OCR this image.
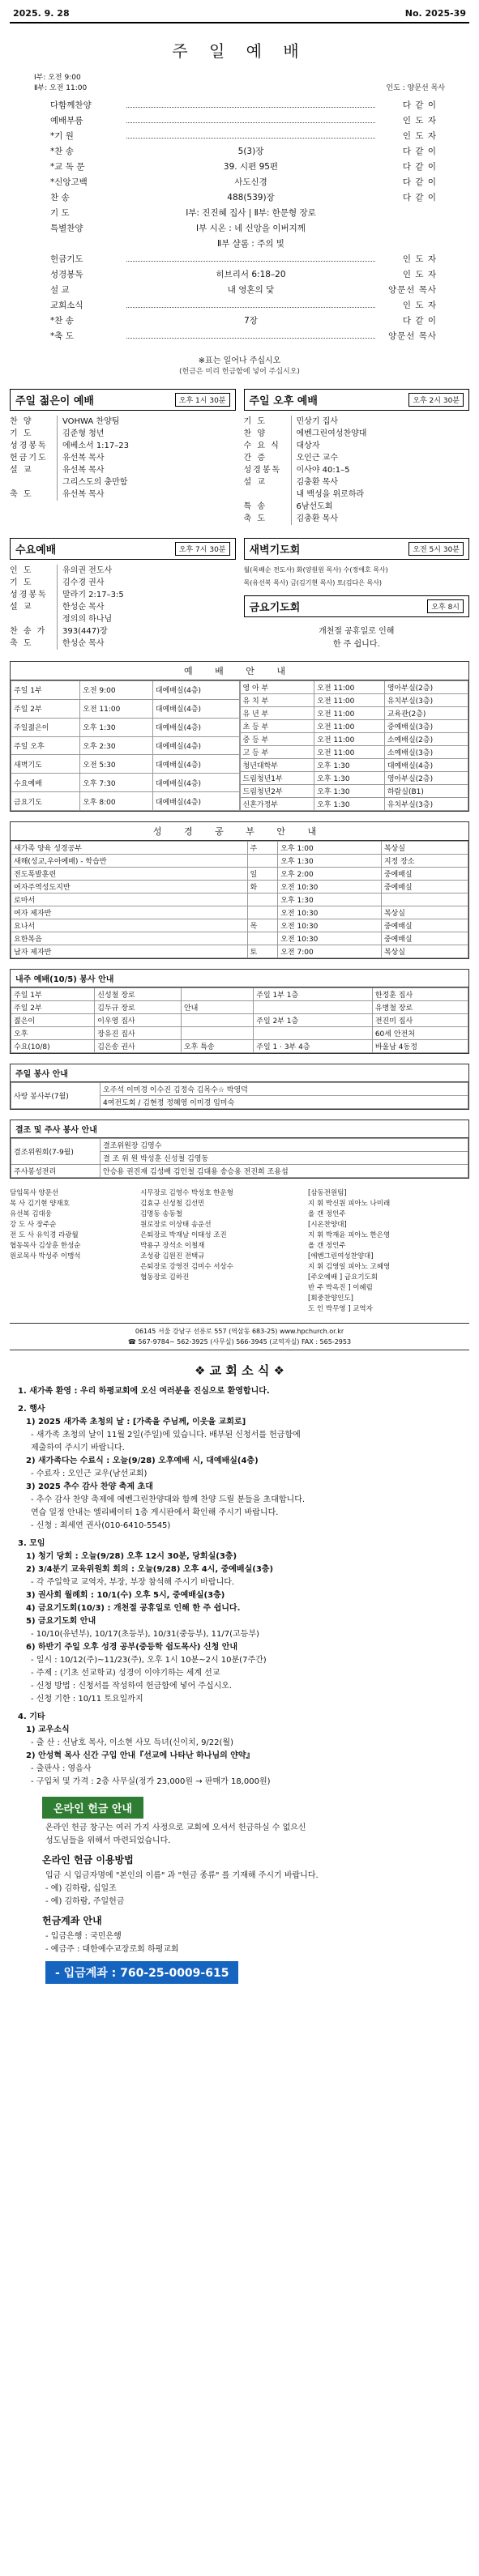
2025. 9. 28	No. 2025-39
주 일 예 배
Ⅰ부: 오전 9:00
Ⅱ부: 오전 11:00	인도 : 양문선 목사
다함께찬양	다 같 이
예배부름	인 도 자
*기 원	인 도 자
*찬 송	5(3)장	다 같 이
*교 독 문	39. 시편 95편	다 같 이
*신앙고백	사도신경	다 같 이
찬 송	488(539)장	다 같 이
기 도	Ⅰ부: 진진혜 집사 | Ⅱ부: 한문형 장로
특별찬양	Ⅰ부 시온 : 네 신앙을 이버지께
Ⅱ부 샬롬 : 주의 빛
헌금기도	인 도 자
성경봉독	히브리서 6:18–20	인 도 자
설 교	내 영혼의 닻	양문선 목사
교회소식	인 도 자
*찬 송	7장	다 같 이
*축 도	양문선 목사
※표는 일어나 주십시오
(헌금은 미리 헌금함에 넣어 주십시오)
주일 젊은이 예배	오후 1시 30분
찬 양	VOHWA 찬양팀
기 도	김준형 청년
성경봉독	에베소서 1:17–23
헌금기도	유선복 목사
설 교	유선복 목사
그리스도의 충만함
축 도	유선복 목사
주일 오후 예배	오후 2시 30분
기 도	민상기 집사
찬 양	에벤그린여성찬양대
수 요 식	대상자
간 증	오인근 교수
성경봉독	이사야 40:1–5
설 교	김충환 목사
내 백성을 위로하라
특 송	6남선도회
축 도	김충환 목사
수요예배	오후 7시 30분
인 도	유의권 전도사
기 도	김수경 권사
성경봉독	말라기 2:17–3:5
설 교	한성순 목사
정의의 하나님
찬 송 가	393(447)장
축 도	한성순 목사
새벽기도회	오전 5시 30분
월(목배순 전도사) 화(양원원 목사) 수(정애호 목사)
목(유선복 목사) 금(김기현 목사) 토(김다은 목사)
금요기도회	오후 8시
개천절 공휴일로 인해
한 주 쉽니다.
예 배 안 내
주일 1부	오전 9:00	대예배실(4층)
주일 2부	오전 11:00	대예배실(4층)
주일젊은이	오후 1:30	대예배실(4층)
주일 오후	오후 2:30	대예배실(4층)
새벽기도	오전 5:30	대예배실(4층)
수요예배	오후 7:30	대예배실(4층)
금요기도	오후 8:00	대예배실(4층)
영 아 부	오전 11:00	영아부실(2층)
유 치 부	오전 11:00	유치부실(3층)
유 년 부	오전 11:00	교육관(2층)
초 등 부	오전 11:00	중예배실(3층)
중 등 부	오전 11:00	소예배실(2층)
고 등 부	오전 11:00	소예배실(3층)
청년대학부	오후 1:30	대예배실(4층)
드림청년1부	오후 1:30	영아부실(2층)
드림청년2부	오후 1:30	하람실(B1)
신혼가정부	오후 1:30	유치부실(3층)
성 경 공 부 안 내
새가족 양육 성경공부	주	오후 1:00	복상실
새해(성교,우아예배) - 학습반		오후 1:30	지정 장소
전도폭발훈련	일	오후 2:00	중예배실
여자주역성도지반	화	오전 10:30	중예배실
로마서		오후 1:30	
여자 제자반		오전 10:30	복상실
요나서	목	오전 10:30	중예배실
요한복음		오전 10:30	중예배실
남자 제자반	토	오전 7:00	복상실
내주 예배(10/5) 봉사 안내
주일 1부	신성철 장로		주일 1부 1층	한정훈 집사
주일 2부	김두규 장로	안내		유병철 장로
젊은이	이우영 집사		주일 2부 1층	전진미 집사
오후	장유진 집사			60세 안전처
수요(10/8)	김은송 권사	오후 특송	주일 1 · 3부 4층	바울남 4동정
주일 봉사 안내
사랑 봉사부(7월)	오주석 이미경 이수진 김정숙 김목수☆ 박영덕
4여전도회 / 김현정 정혜영 이미경 임미숙
결조 및 주사 봉사 안내
결조위원회(7-9월)	결조위원장 김영수
	결 조 위 원 박성훈 신성철 김영동
주사봉성전리	안승용 권진재 김성배 김인철 김대용 송승용 전진희 조용섭
담임목사 양문선
목 사 김기현 양재호
유선복 김대웅
강 도 사 장주순
전 도 사 유익경 라광월
협동목사 김상훈 한성순
원로목사 박성주 이맹석
시무장로 김영수 박성호 한운형
김효규 신성철 김선민
김명동 송동철
원로장로 이상태 송운선
은퇴장로 박재남 이태성 조진
박용구 장석소 이철재
조성광 김원진 전택규
은퇴장로 강영진 김미수 서상수
협동장로 김하진
[삼동전원팀]
지 휘 박신원 피아노 나미래
올 갠 정인주
[시온찬양대]
지 휘 박재윤 피아노 한은영
올 갠 정인주
[에벤그린여성찬양대]
지 휘 김영일 피아노 고혜영
[주오예배 ] 금요기도회
반 주 박옥진 ] 이혜림
[회중찬양인도]
도 인 박무영 ] 교역자
06145 서울 강남구 선릉로 557 (역삼동 683-25) www.hpchurch.or.kr
☎ 567-9784~ 562-3925 (사무실) 566-3945 (교역자실) FAX : 565-2953
❖ 교 회 소 식 ❖
1. 새가족 환영 : 우리 하평교회에 오신 여러분을 진심으로 환영합니다.
2. 행사
1) 2025 새가족 초청의 날 : [가족을 주님께, 이웃을 교회로]
- 새가족 초청의 날이 11월 2일(주일)에 있습니다. 배부된 신청서를 헌금함에
제출하여 주시기 바랍니다.
2) 새가족다는 수료식 : 오늘(9/28) 오후예배 시, 대예배실(4층)
- 수료자 : 오인근 교우(남선교회)
3) 2025 추수 감사 찬양 축제 초대
- 추수 감사 찬양 축제에 에벤그린찬양대와 함께 찬양 드릴 분들을 초대합니다.
연습 일정 안내는 엘리베이터 1층 게시판에서 확인해 주시기 바랍니다.
- 신청 : 최세연 권사(010-6410-5545)
3. 모임
1) 청기 당회 : 오늘(9/28) 오후 12시 30분, 당회실(3층)
2) 3/4분기 교육위원회 회의 : 오늘(9/28) 오후 4시, 중예배실(3층)
- 각 주일학교 교역자, 부장, 부장 참석해 주시기 바랍니다.
3) 권사회 월례회 : 10/1(수) 오후 5시, 중예배실(3층)
4) 금요기도회(10/3) : 개천절 공휴일로 인해 한 주 쉽니다.
5) 금요기도회 안내
- 10/10(유년부), 10/17(초등부), 10/31(중등부), 11/7(고등부)
6) 하반기 주일 오후 성경 공부(중등학 쉼도목사) 신청 안내
- 일시 : 10/12(주)~11/23(주), 오후 1시 10분~2시 10분(7주간)
- 주제 : (기초 선교학교) 성경이 이야기하는 세계 선교
- 신청 방법 : 신청서를 작성하여 헌금함에 넣어 주십시오.
- 신청 기한 : 10/11 토요일까지
4. 기타
1) 교우소식
- 출 산 : 신남호 목사, 이소현 사모 득녀(신이치, 9/22(월)
2) 안성혁 목사 신간 구입 안내『선교에 나타난 하나님의 얀약』
- 출판사 : 영음사
- 구입처 및 가격 : 2층 사무실(정가 23,000원 → 판매가 18,000원)
온라인 헌금 안내
온라인 헌금 창구는 여러 가지 사정으로 교회에 오셔서 헌금하실 수 없으신
성도님들을 위해서 마련되었습니다.
온라인 헌금 이용방법
입금 시 입금자명에 "본인의 이름" 과 "헌금 종류" 를 기재해 주시기 바랍니다.
- 예) 김하람, 십일조
- 예) 김하람, 주일헌금
헌금계좌 안내
- 입금은행 : 국민은행
- 예금주 : 대한예수교장로회 하평교회
- 입금계좌 : 760-25-0009-615
